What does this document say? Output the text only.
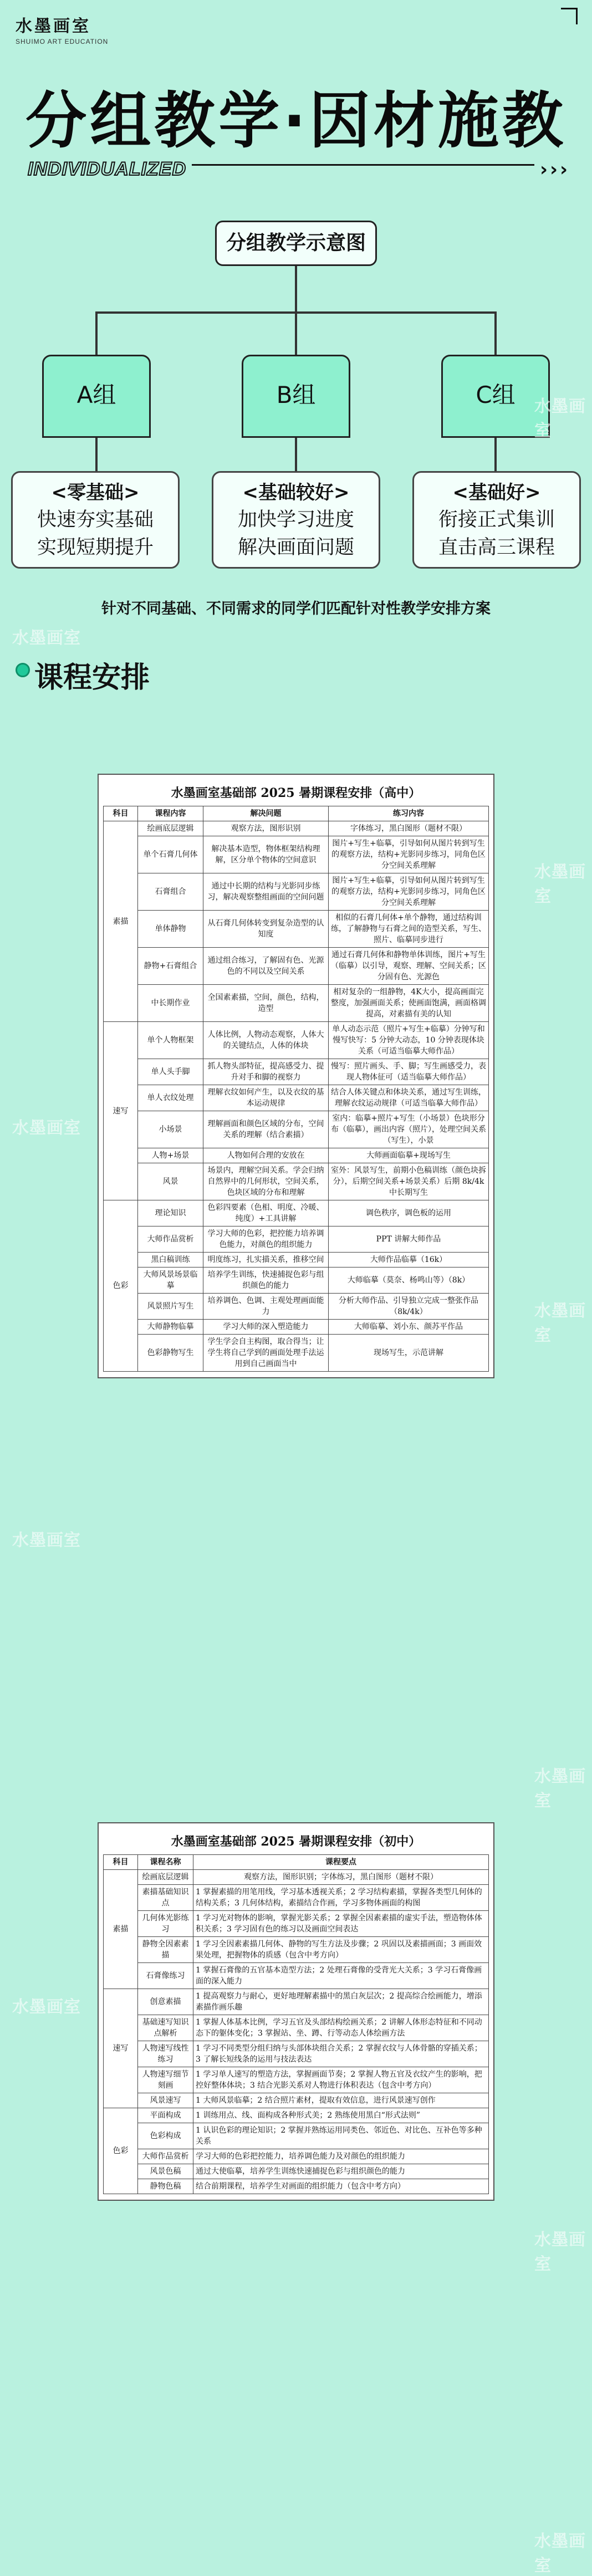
水墨画室
SHUIMO ART EDUCATION
分组教学·因材施教
INDIVIDUALIZED	›››
分组教学示意图
A组	B组	C组
<零基础>
快速夯实基础
实现短期提升
<基础较好>
加快学习进度
解决画面问题
<基础好>
衔接正式集训
直击高三课程
针对不同基础、不同需求的同学们匹配针对性教学安排方案
课程安排
水墨画室
水墨画室
水墨画室
水墨画室
水墨画室
水墨画室
水墨画室
水墨画室
水墨画室
水墨画室
水墨画室基础部 2025 暑期课程安排（高中）
科目	课程内容	解决问题	练习内容
素描	绘画底层逻辑	观察方法，图形识别	字体练习，黑白图形（题材不限）
	单个石膏几何体	解决基本造型，物体框架结构理解，区分单个物体的空间意识	图片+写生+临摹，引导如何从图片转到写生的观察方法，结构+光影同步练习，同角色区分空间关系理解
	石膏组合	通过中长期的结构与光影同步练习，解决观察整组画面的空间问题	图片+写生+临摹，引导如何从图片转到写生的观察方法，结构+光影同步练习，同角色区分空间关系理解
	单体静物	从石膏几何体转变到复杂造型的认知度	相似的石膏几何体+单个静物，通过结构训练，了解静物与石膏之间的造型关系，写生、照片、临摹同步进行
	静物+石膏组合	通过组合练习，了解固有色、光源色的不同以及空间关系	通过石膏几何体和静物单体训练，图片+写生（临摹）以引导，观察、理解、空间关系；区分固有色、光源色
	中长期作业	全国素素描，空间，颜色，结构，造型	相对复杂的一组静物，4K大小，提高画面完整度，加强画面关系；使画面饱满，画面格调提高，对素描有美的认知
速写	单个人物框架	人体比例，人物动态观察，人体大的关键结点，人体的体块	单人动态示范（照片+写生+临摹）分钟写和慢写快写：5 分钟大动态，10 分钟表现体块关系（可适当临摹大师作品）
	单人头手脚	抓人物头部特征，提高感受力、提升对手和脚的视察力	慢写：照片画头、手、脚；写生画感受力，表现人物体征可（适当临摹大师作品）
	单人衣纹处理	理解衣纹如何产生，以及衣纹的基本运动规律	结合人体关键点和体块关系，通过写生训练，理解衣纹运动规律（可适当临摹大师作品）
	小场景	理解画面和颜色区域的分布，空间关系的理解（结合素描）	室内：临摹+照片+写生（小场景）色块形分布（临摹），画出内容（照片），处理空间关系（写生），小景
	人物+场景	人物如何合理的安放在	大师画面临摹+现场写生
	风景	场景内，理解空间关系。学会归纳自然界中的几何形状，空间关系，色块区域的分布和理解	室外：风景写生，前期小色稿训练（颜色块拆分），后期空间关系+场景关系）后期 8k/4k 中长期写生
色彩	理论知识	色彩四要素（色相、明度、冷暖、纯度）+工具讲解	调色秩序，调色板的运用
	大师作品赏析	学习大师的色彩，把控能力培养调色能力，对颜色的组织能力	PPT 讲解大师作品
	黑白稿训练	明度练习，扎实描关系，推移空间	大师作品临摹（16k）
	大师风景场景临摹	培养学生训练，快速捕捉色彩与组织颜色的能力	大师临摹（莫奈、杨鸣山等）（8k）
	风景照片写生	培养调色、色调、主观处理画面能力	分析大师作品、引导独立完成一整张作品（8k/4k）
	大师静物临摹	学习大师的深入塑造能力	大师临摹、刘小东、颜苏平作品
	色彩静物写生	学生学会自主构图，取合得当；让学生将自己学到的画面处理手法运用到自己画面当中	现场写生，示范讲解
水墨画室基础部 2025 暑期课程安排（初中）
科目	课程名称	课程要点
素描	绘画底层逻辑	观察方法，图形识别；字体练习，黑白图形（题材不限）
	素描基础知识点	1 掌握素描的用笔用线，学习基本透视关系；2 学习结构素描，掌握各类型几何体的结构关系；3 几何体结构，素描结合作画，学习多物体画面的构图
	几何体光影练习	1 学习光对物体的影响，掌握光影关系；2 掌握全因素素描的虚实手法，塑造物体体积关系；3 学习固有色的练习以及画面空间表达
	静物全因素素描	1 学习全因素素描几何体、静物的写生方法及步骤；2 巩固以及素描画面；3 画面效果处理，把握物体的质感（包含中考方向）
	石膏像练习	1 掌握石膏像的五官基本造型方法；2 处理石膏像的受背光大关系；3 学习石膏像画面的深入能力
速写	创意素描	1 提高观察力与耐心，更好地理解素描中的黑白灰层次；2 提高综合绘画能力，增添素描作画乐趣
	基础速写知识点解析	1 掌握人体基本比例，学习五官及头部结构绘画关系；2 讲解人体形态特征和不同动态下的躯体变化；3 掌握站、坐、蹲、行等动态人体绘画方法
	人物速写线性练习	1 学习不同类型分组归纳与头部体块组合关系；2 掌握衣纹与人体骨骼的穿插关系；3 了解长短线条的运用与技法表达
	人物速写细节刻画	1 学习单人速写的塑造方法，掌握画面节奏；2 掌握人物五官及衣纹产生的影响，把控好整体体块；3 结合光影关系对人物进行体积表达（包含中考方向）
	风景速写	1 大师风景临摹；2 结合照片素材，提取有效信息，进行风景速写创作
色彩	平面构成	1 训练用点、线、面构成各种形式美；2 熟练使用黑白“形式法则”
	色彩构成	1 认识色彩的理论知识；2 掌握并熟练运用同类色、邻近色、对比色、互补色等多种关系
	大师作品赏析	学习大师的色彩把控能力，培养调色能力及对颜色的组织能力
	风景色稿	通过大使临摹，培养学生训练快速捕捉色彩与组织颜色的能力
	静物色稿	结合前期课程，培养学生对画面的组织能力（包含中考方向）
